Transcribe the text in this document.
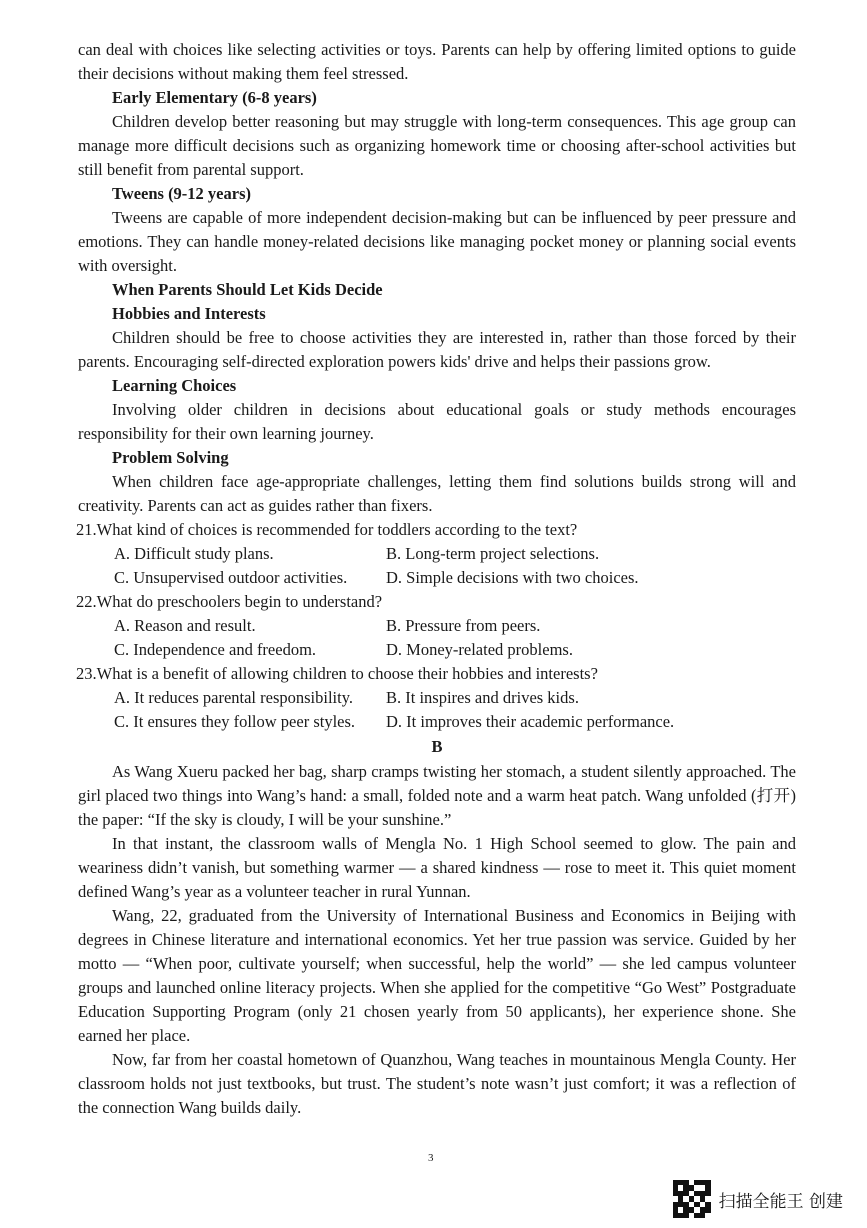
can deal with choices like selecting activities or toys. Parents can help by offering limited options to guide their decisions without making them feel stressed.

Early Elementary (6-8 years)

Children develop better reasoning but may struggle with long-term consequences. This age group can manage more difficult decisions such as organizing homework time or choosing after-school activities but still benefit from parental support.

Tweens (9-12 years)

Tweens are capable of more independent decision-making but can be influenced by peer pressure and emotions. They can handle money-related decisions like managing pocket money or planning social events with oversight.

When Parents Should Let Kids Decide
Hobbies and Interests

Children should be free to choose activities they are interested in, rather than those forced by their parents. Encouraging self-directed exploration powers kids' drive and helps their passions grow.

Learning Choices

Involving older children in decisions about educational goals or study methods encourages responsibility for their own learning journey.

Problem Solving

When children face age-appropriate challenges, letting them find solutions builds strong will and creativity. Parents can act as guides rather than fixers.

21.What kind of choices is recommended for toddlers according to the text?
A. Difficult study plans.	B. Long-term project selections.
C. Unsupervised outdoor activities.	D. Simple decisions with two choices.
22.What do preschoolers begin to understand?
A. Reason and result.	B. Pressure from peers.
C. Independence and freedom.	D. Money-related problems.
23.What is a benefit of allowing children to choose their hobbies and interests?
A. It reduces parental responsibility.	B. It inspires and drives kids.
C. It ensures they follow peer styles.	D. It improves their academic performance.
B

As Wang Xueru packed her bag, sharp cramps twisting her stomach, a student silently approached. The girl placed two things into Wang’s hand: a small, folded note and a warm heat patch. Wang unfolded (打开) the paper: “If the sky is cloudy, I will be your sunshine.”

In that instant, the classroom walls of Mengla No. 1 High School seemed to glow. The pain and weariness didn’t vanish, but something warmer — a shared kindness — rose to meet it. This quiet moment defined Wang’s year as a volunteer teacher in rural Yunnan.

Wang, 22, graduated from the University of International Business and Economics in Beijing with degrees in Chinese literature and international economics. Yet her true passion was service. Guided by her motto — “When poor, cultivate yourself; when successful, help the world” — she led campus volunteer groups and launched online literacy projects. When she applied for the competitive “Go West” Postgraduate Education Supporting Program (only 21 chosen yearly from 50 applicants), her experience shone. She earned her place.

Now, far from her coastal hometown of Quanzhou, Wang teaches in mountainous Mengla County. Her classroom holds not just textbooks, but trust. The student’s note wasn’t just comfort; it was a reflection of the connection Wang builds daily.

3
扫描全能王 创建
